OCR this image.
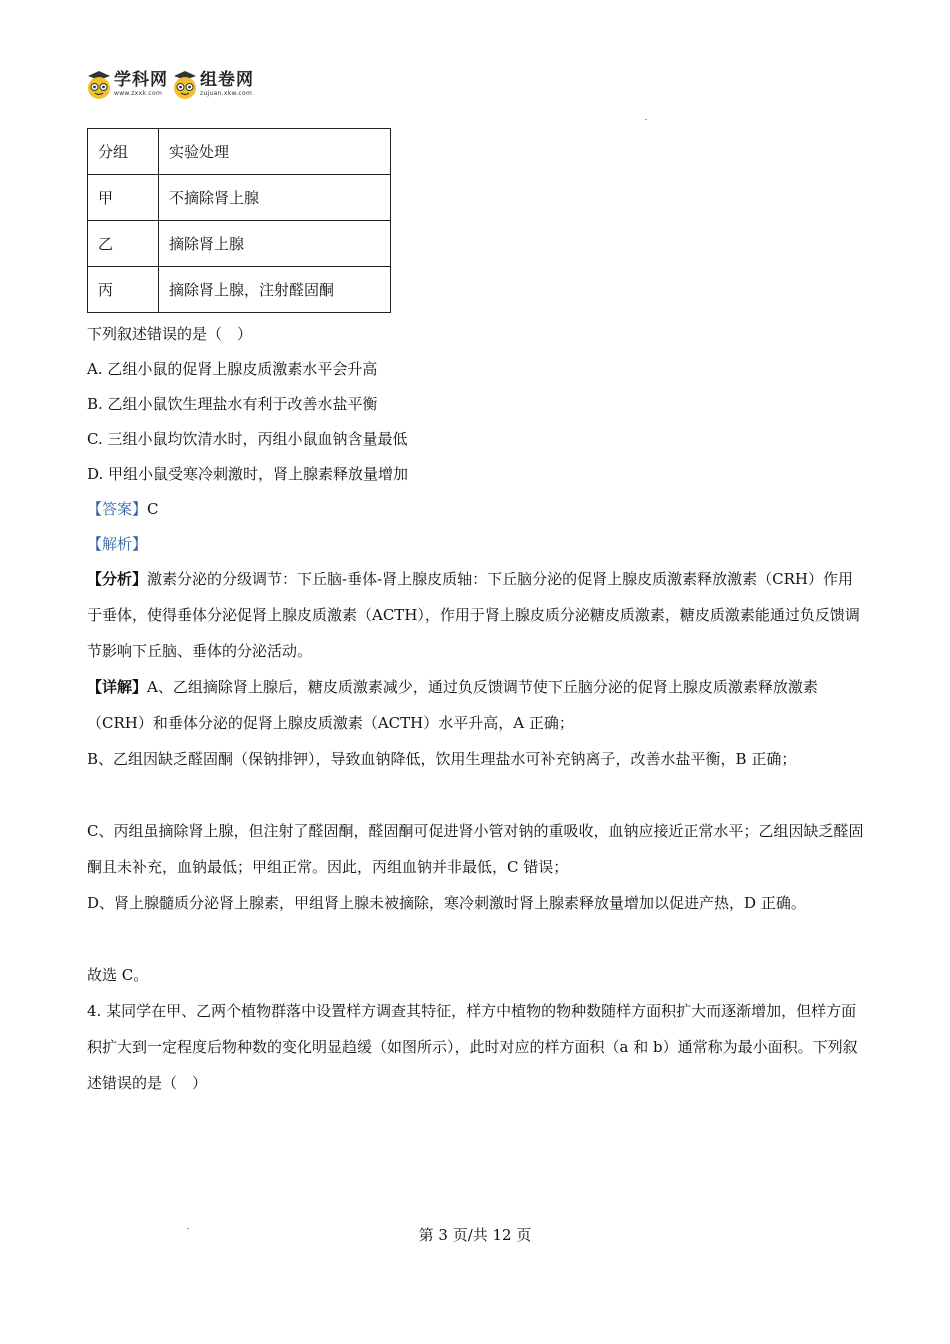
学科网
www.zxxk.com
组卷网
zujuan.xkw.com
分组	实验处理
甲	不摘除肾上腺
乙	摘除肾上腺
丙	摘除肾上腺，注射醛固酮

下列叙述错误的是（　）

A. 乙组小鼠的促肾上腺皮质激素水平会升高

B. 乙组小鼠饮生理盐水有利于改善水盐平衡

C. 三组小鼠均饮清水时，丙组小鼠血钠含量最低

D. 甲组小鼠受寒冷刺激时，肾上腺素释放量增加

【答案】C

【解析】

【分析】激素分泌的分级调节：下丘脑-垂体-肾上腺皮质轴：下丘脑分泌的促肾上腺皮质激素释放激素（CRH）作用于垂体，使得垂体分泌促肾上腺皮质激素（ACTH），作用于肾上腺皮质分泌糖皮质激素，糖皮质激素能通过负反馈调节影响下丘脑、垂体的分泌活动。

【详解】A、乙组摘除肾上腺后，糖皮质激素减少，通过负反馈调节使下丘脑分泌的促肾上腺皮质激素释放激素（CRH）和垂体分泌的促肾上腺皮质激素（ACTH）水平升高，A 正确；

B、乙组因缺乏醛固酮（保钠排钾），导致血钠降低，饮用生理盐水可补充钠离子，改善水盐平衡，B 正确；

C、丙组虽摘除肾上腺，但注射了醛固酮，醛固酮可促进肾小管对钠的重吸收，血钠应接近正常水平；乙组因缺乏醛固酮且未补充，血钠最低；甲组正常。因此，丙组血钠并非最低，C 错误；

D、肾上腺髓质分泌肾上腺素，甲组肾上腺未被摘除，寒冷刺激时肾上腺素释放量增加以促进产热，D 正确。

故选 C。

4. 某同学在甲、乙两个植物群落中设置样方调查其特征，样方中植物的物种数随样方面积扩大而逐渐增加，但样方面积扩大到一定程度后物种数的变化明显趋缓（如图所示），此时对应的样方面积（a 和 b）通常称为最小面积。下列叙述错误的是（　）

第 3 页/共 12 页
